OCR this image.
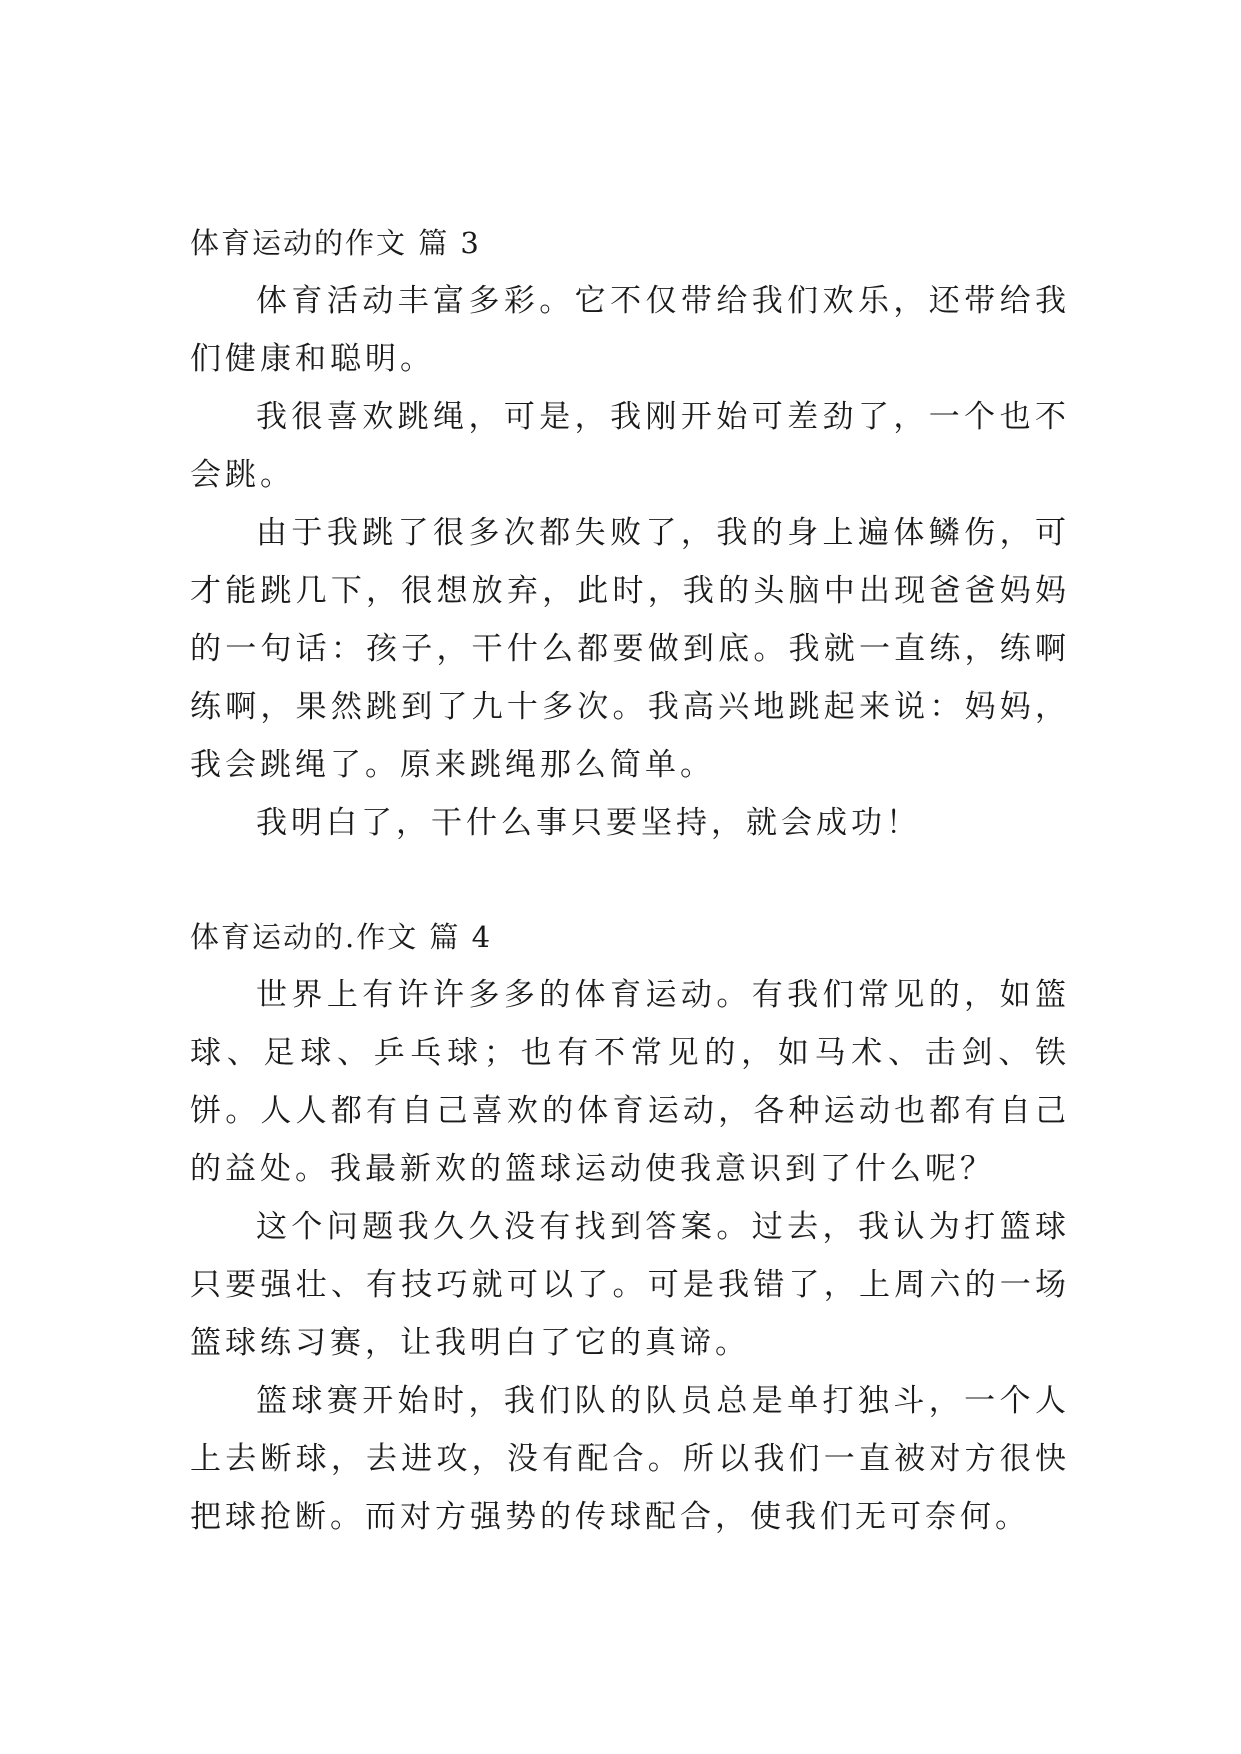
体育运动的作文 篇 3

体育活动丰富多彩。它不仅带给我们欢乐，还带给我们健康和聪明。

我很喜欢跳绳，可是，我刚开始可差劲了，一个也不会跳。

由于我跳了很多次都失败了，我的身上遍体鳞伤，可才能跳几下，很想放弃，此时，我的头脑中出现爸爸妈妈的一句话：孩子，干什么都要做到底。我就一直练，练啊练啊，果然跳到了九十多次。我高兴地跳起来说：妈妈，我会跳绳了。原来跳绳那么简单。

我明白了，干什么事只要坚持，就会成功！

体育运动的.作文 篇 4

世界上有许许多多的体育运动。有我们常见的，如篮球、足球、乒乓球；也有不常见的，如马术、击剑、铁饼。人人都有自己喜欢的体育运动，各种运动也都有自己的益处。我最新欢的篮球运动使我意识到了什么呢？

这个问题我久久没有找到答案。过去，我认为打篮球只要强壮、有技巧就可以了。可是我错了，上周六的一场篮球练习赛，让我明白了它的真谛。

篮球赛开始时，我们队的队员总是单打独斗，一个人上去断球，去进攻，没有配合。所以我们一直被对方很快把球抢断。而对方强势的传球配合，使我们无可奈何。
